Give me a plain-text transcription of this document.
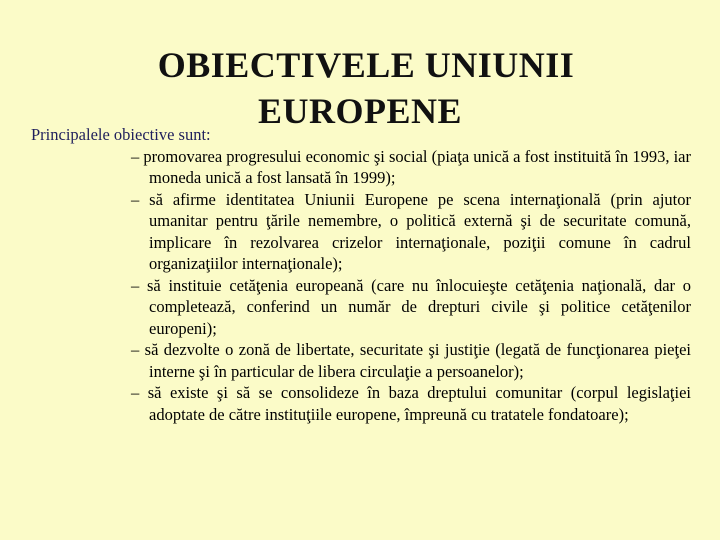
OBIECTIVELE UNIUNII
EUROPENE

Principalele obiective sunt:

– promovarea progresului economic şi social (piaţa unică a fost instituită în 1993, iar moneda unică a fost lansată în 1999);
– să afirme identitatea Uniunii Europene pe scena internaţională (prin ajutor umanitar pentru ţările nemembre, o politică externă şi de securitate comună, implicare în rezolvarea crizelor internaţionale, poziţii comune în cadrul organizaţiilor internaţionale);
– să instituie cetăţenia europeană (care nu înlocuieşte cetăţenia naţională, dar o completează, conferind un număr de drepturi civile şi politice cetăţenilor europeni);
– să dezvolte o zonă de libertate, securitate şi justiţie (legată de funcţionarea pieţei interne şi în particular de libera circulaţie a persoanelor);
– să existe şi să se consolideze în baza dreptului comunitar (corpul legislaţiei adoptate de către instituţiile europene, împreună cu tratatele fondatoare);
